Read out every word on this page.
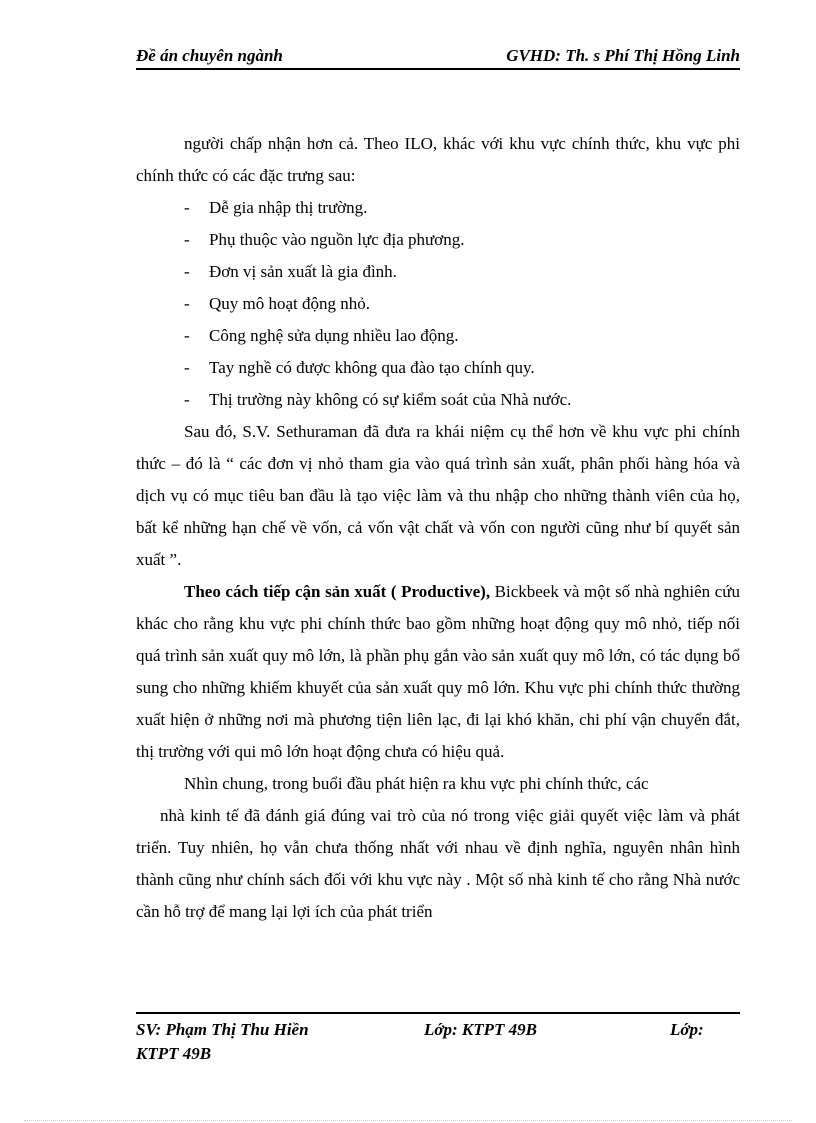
Đề án chuyên ngành	GVHD: Th. s Phí Thị Hồng Linh

người chấp nhận hơn cả. Theo ILO, khác với khu vực chính thức, khu vực phi chính thức có các đặc trưng sau:

- Dễ gia nhập thị trường.
- Phụ thuộc vào nguồn lực địa phương.
- Đơn vị sản xuất là gia đình.
- Quy mô hoạt động nhỏ.
- Công nghệ sửa dụng nhiều lao động.
- Tay nghề có được không qua đào tạo chính quy.
- Thị trường này không có sự kiểm soát của Nhà nước.

Sau đó, S.V. Sethuraman đã đưa ra khái niệm cụ thể hơn về khu vực phi chính thức – đó là “ các đơn vị nhỏ tham gia vào quá trình sản xuất, phân phối hàng hóa và dịch vụ có mục tiêu ban đầu là tạo việc làm và thu nhập cho những thành viên của họ, bất kể những hạn chế về vốn, cả vốn vật chất và vốn con người cũng như bí quyết sản xuất ”.

Theo cách tiếp cận sản xuất ( Productive), Bickbeek và một số nhà nghiên cứu khác cho rằng khu vực phi chính thức bao gồm những hoạt động quy mô nhỏ, tiếp nối quá trình sản xuất quy mô lớn, là phần phụ gắn vào sản xuất quy mô lớn, có tác dụng bổ sung cho những khiếm khuyết của sản xuất quy mô lớn. Khu vực phi chính thức thường xuất hiện ở những nơi mà phương tiện liên lạc, đi lại khó khăn, chi phí vận chuyển đắt, thị trường với qui mô lớn hoạt động chưa có hiệu quả.

Nhìn chung, trong buổi đầu phát hiện ra khu vực phi chính thức, các

nhà kinh tế đã đánh giá đúng vai trò của nó trong việc giải quyết việc làm và phát triển. Tuy nhiên, họ vẫn chưa thống nhất với nhau về định nghĩa, nguyên nhân hình thành cũng như chính sách đối với khu vực này . Một số nhà kinh tế cho rằng Nhà nước cần hỗ trợ để mang lại lợi ích của phát triển

SV: Phạm Thị Thu Hiền	Lớp: KTPT 49B	Lớp:
KTPT 49B
